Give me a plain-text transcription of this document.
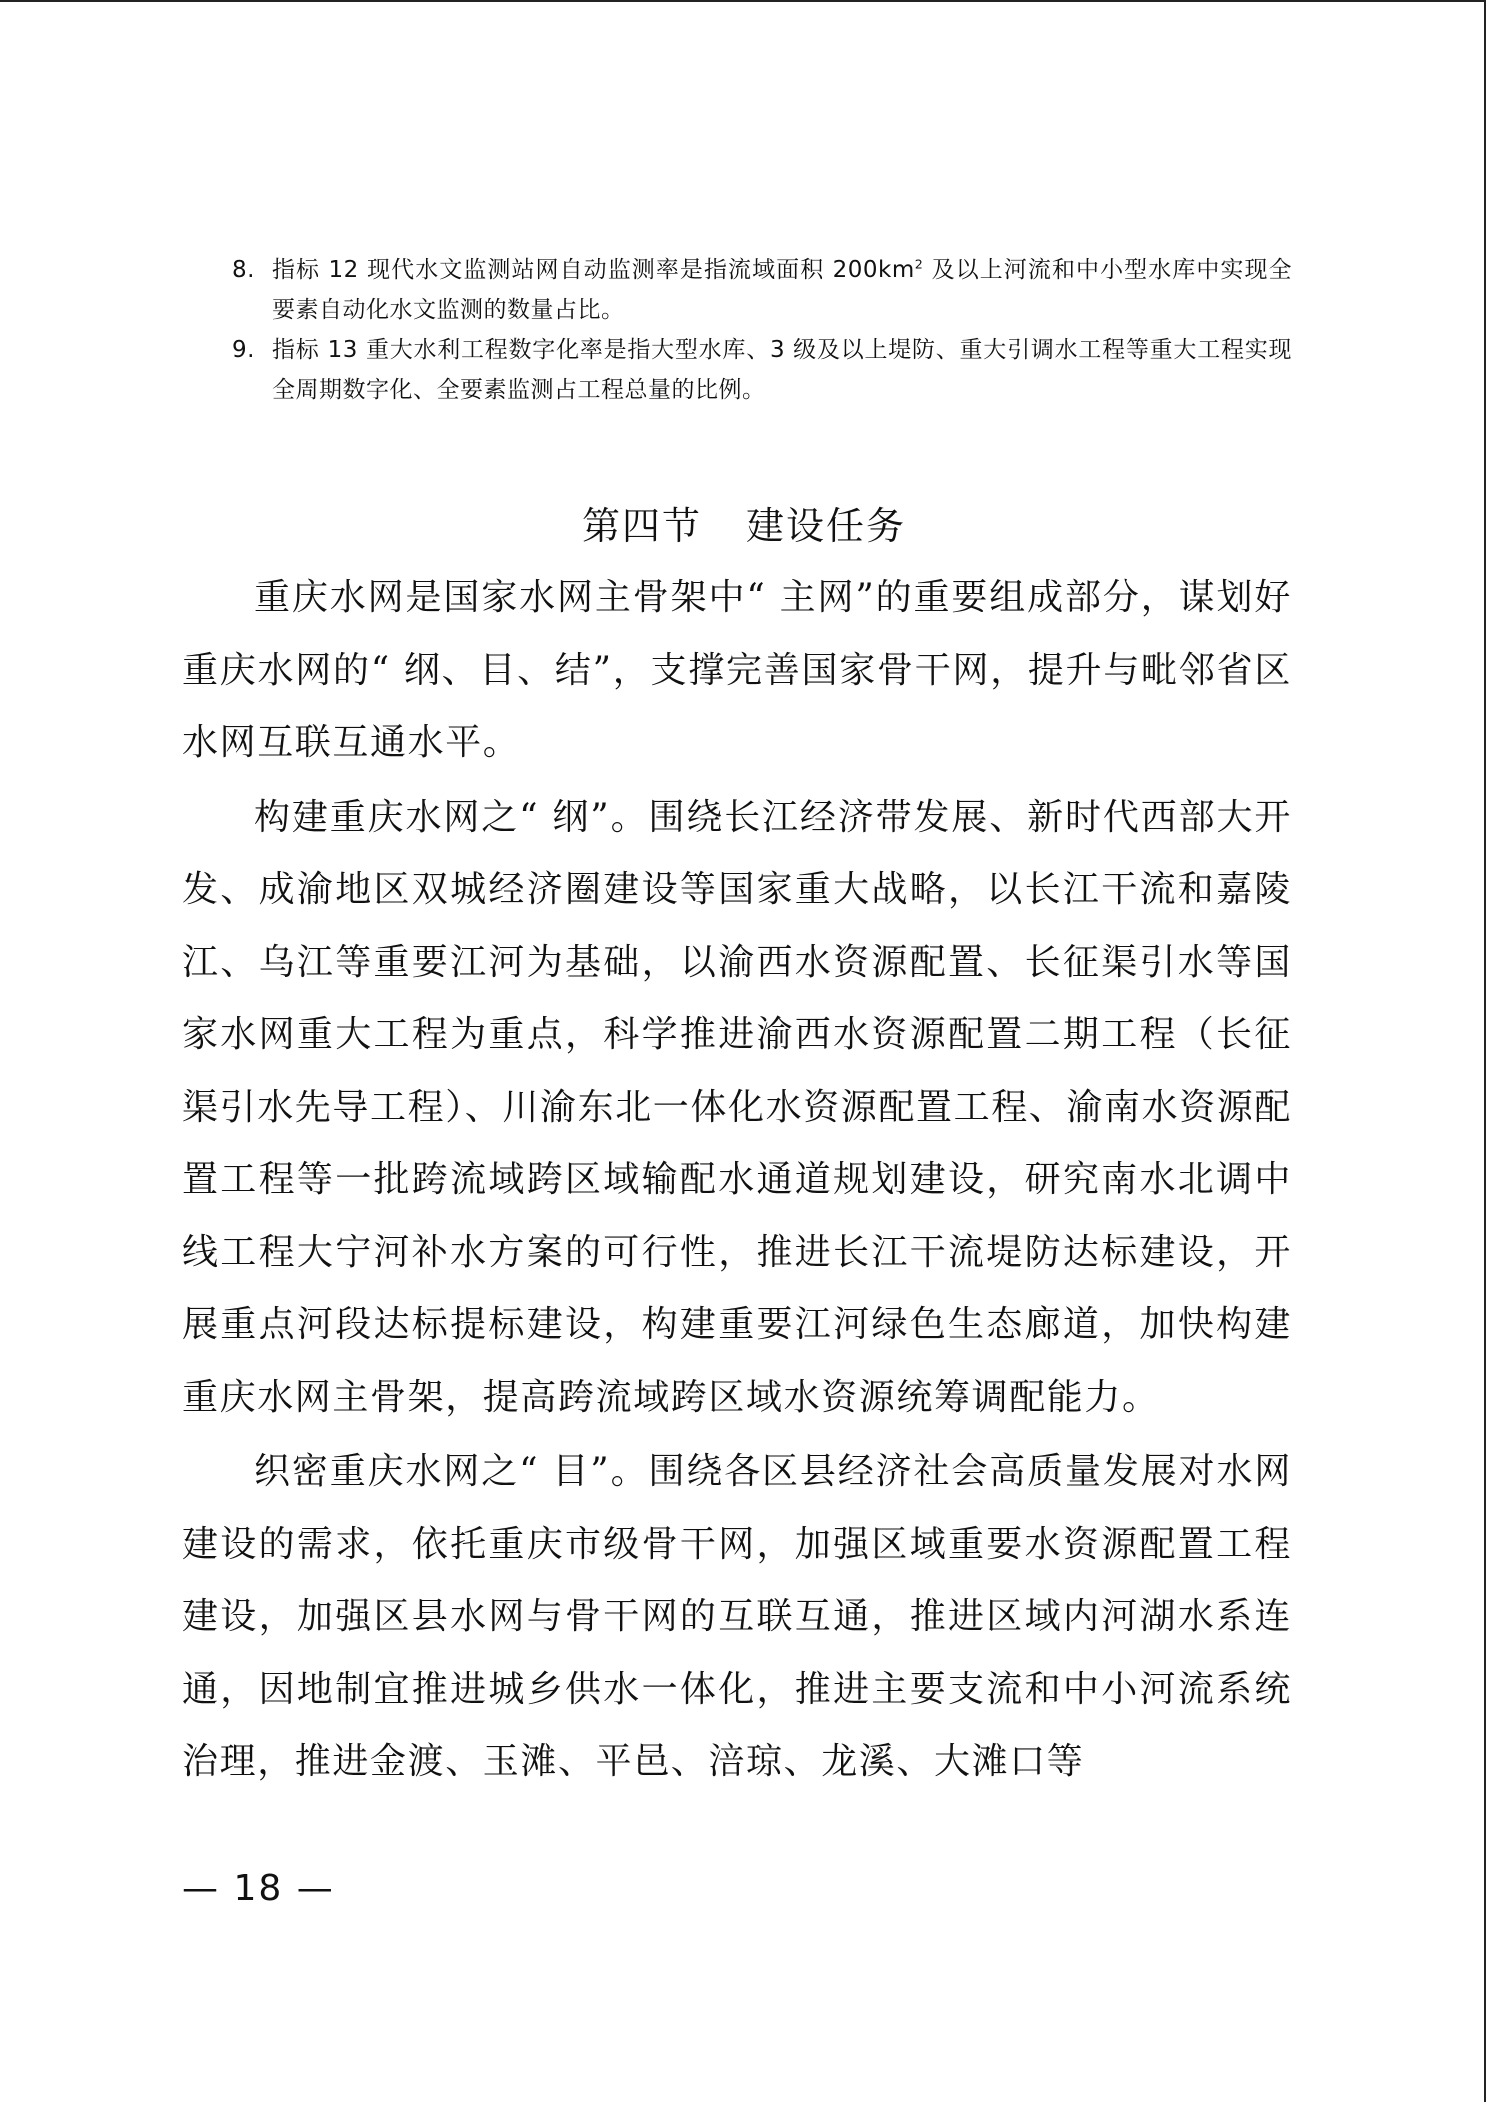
8. 指标 12 现代水文监测站网自动监测率是指流域面积 $200km^2$ 及以上河流和中小型水库中实现全要素自动化水文监测的数量占比。
9. 指标 13 重大水利工程数字化率是指大型水库、3 级及以上堤防、重大引调水工程等重大工程实现全周期数字化、全要素监测占工程总量的比例。
第四节 建设任务

重庆水网是国家水网主骨架中“ 主网”的重要组成部分，谋划好重庆水网的“ 纲、目、结”，支撑完善国家骨干网，提升与毗邻省区水网互联互通水平。

构建重庆水网之“ 纲”。围绕长江经济带发展、新时代西部大开发、成渝地区双城经济圈建设等国家重大战略，以长江干流和嘉陵江、乌江等重要江河为基础，以渝西水资源配置、长征渠引水等国家水网重大工程为重点，科学推进渝西水资源配置二期工程（长征渠引水先导工程）、川渝东北一体化水资源配置工程、渝南水资源配置工程等一批跨流域跨区域输配水通道规划建设，研究南水北调中线工程大宁河补水方案的可行性，推进长江干流堤防达标建设，开展重点河段达标提标建设，构建重要江河绿色生态廊道，加快构建重庆水网主骨架，提高跨流域跨区域水资源统筹调配能力。

织密重庆水网之“ 目”。围绕各区县经济社会高质量发展对水网建设的需求，依托重庆市级骨干网，加强区域重要水资源配置工程建设，加强区县水网与骨干网的互联互通，推进区域内河湖水系连通，因地制宜推进城乡供水一体化，推进主要支流和中小河流系统治理，推进金渡、玉滩、平邑、涪琼、龙溪、大滩口等

— 18 —
